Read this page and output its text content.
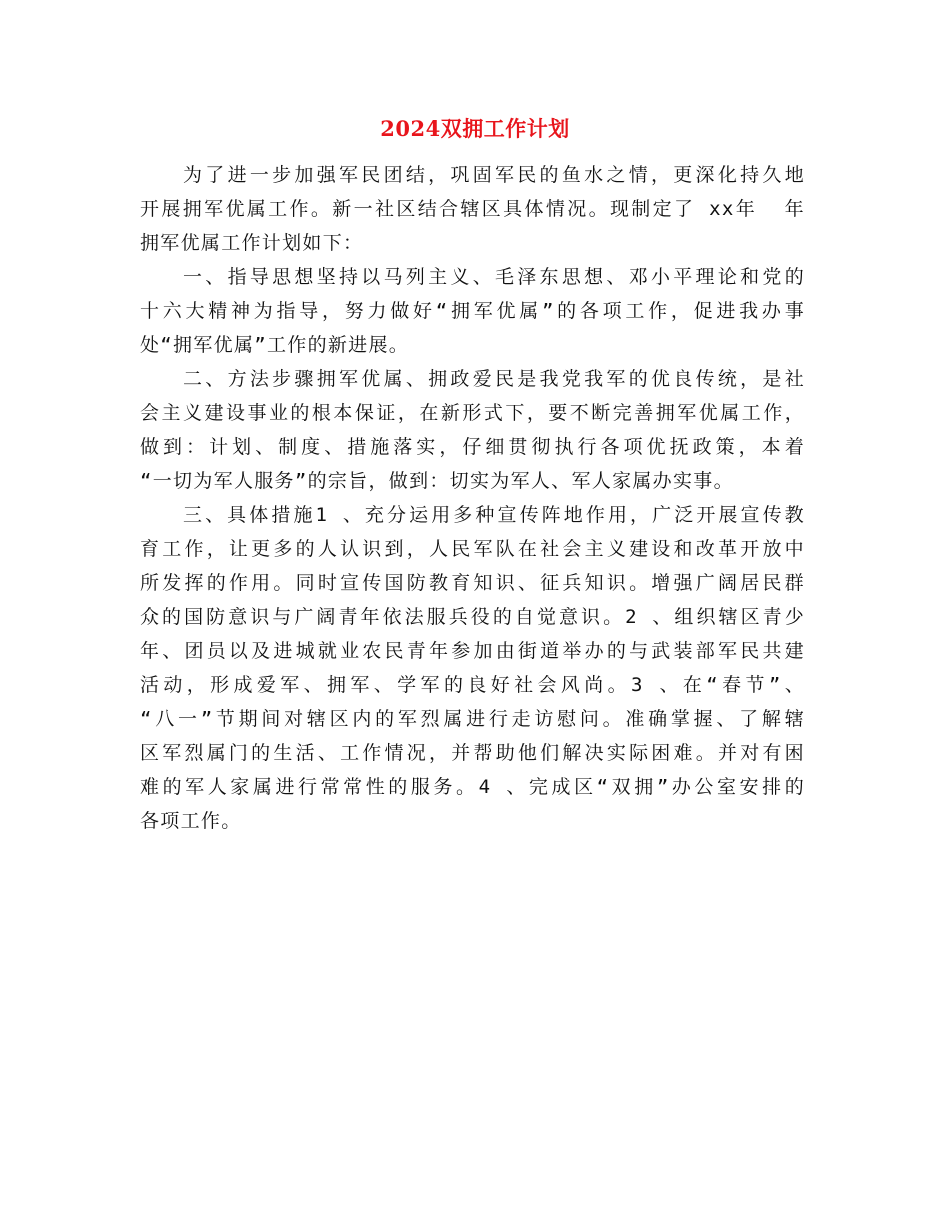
2024双拥工作计划
为了进一步加强军民团结，巩固军民的鱼水之情，更深化持久地
开展拥军优属工作。新一社区结合辖区具体情况。现制定了 xx年  年
拥军优属工作计划如下：
一、指导思想坚持以马列主义、毛泽东思想、邓小平理论和党的
十六大精神为指导，努力做好“拥军优属”的各项工作，促进我办事
处“拥军优属”工作的新进展。
二、方法步骤拥军优属、拥政爱民是我党我军的优良传统，是社
会主义建设事业的根本保证，在新形式下，要不断完善拥军优属工作，
做到：计划、制度、措施落实，仔细贯彻执行各项优抚政策，本着
“一切为军人服务”的宗旨，做到：切实为军人、军人家属办实事。
三、具体措施1 、充分运用多种宣传阵地作用，广泛开展宣传教
育工作，让更多的人认识到，人民军队在社会主义建设和改革开放中
所发挥的作用。同时宣传国防教育知识、征兵知识。增强广阔居民群
众的国防意识与广阔青年依法服兵役的自觉意识。2 、组织辖区青少
年、团员以及进城就业农民青年参加由街道举办的与武装部军民共建
活动，形成爱军、拥军、学军的良好社会风尚。3 、在“春节”、
“八一”节期间对辖区内的军烈属进行走访慰问。准确掌握、了解辖
区军烈属门的生活、工作情况，并帮助他们解决实际困难。并对有困
难的军人家属进行常常性的服务。4 、完成区“双拥”办公室安排的
各项工作。
